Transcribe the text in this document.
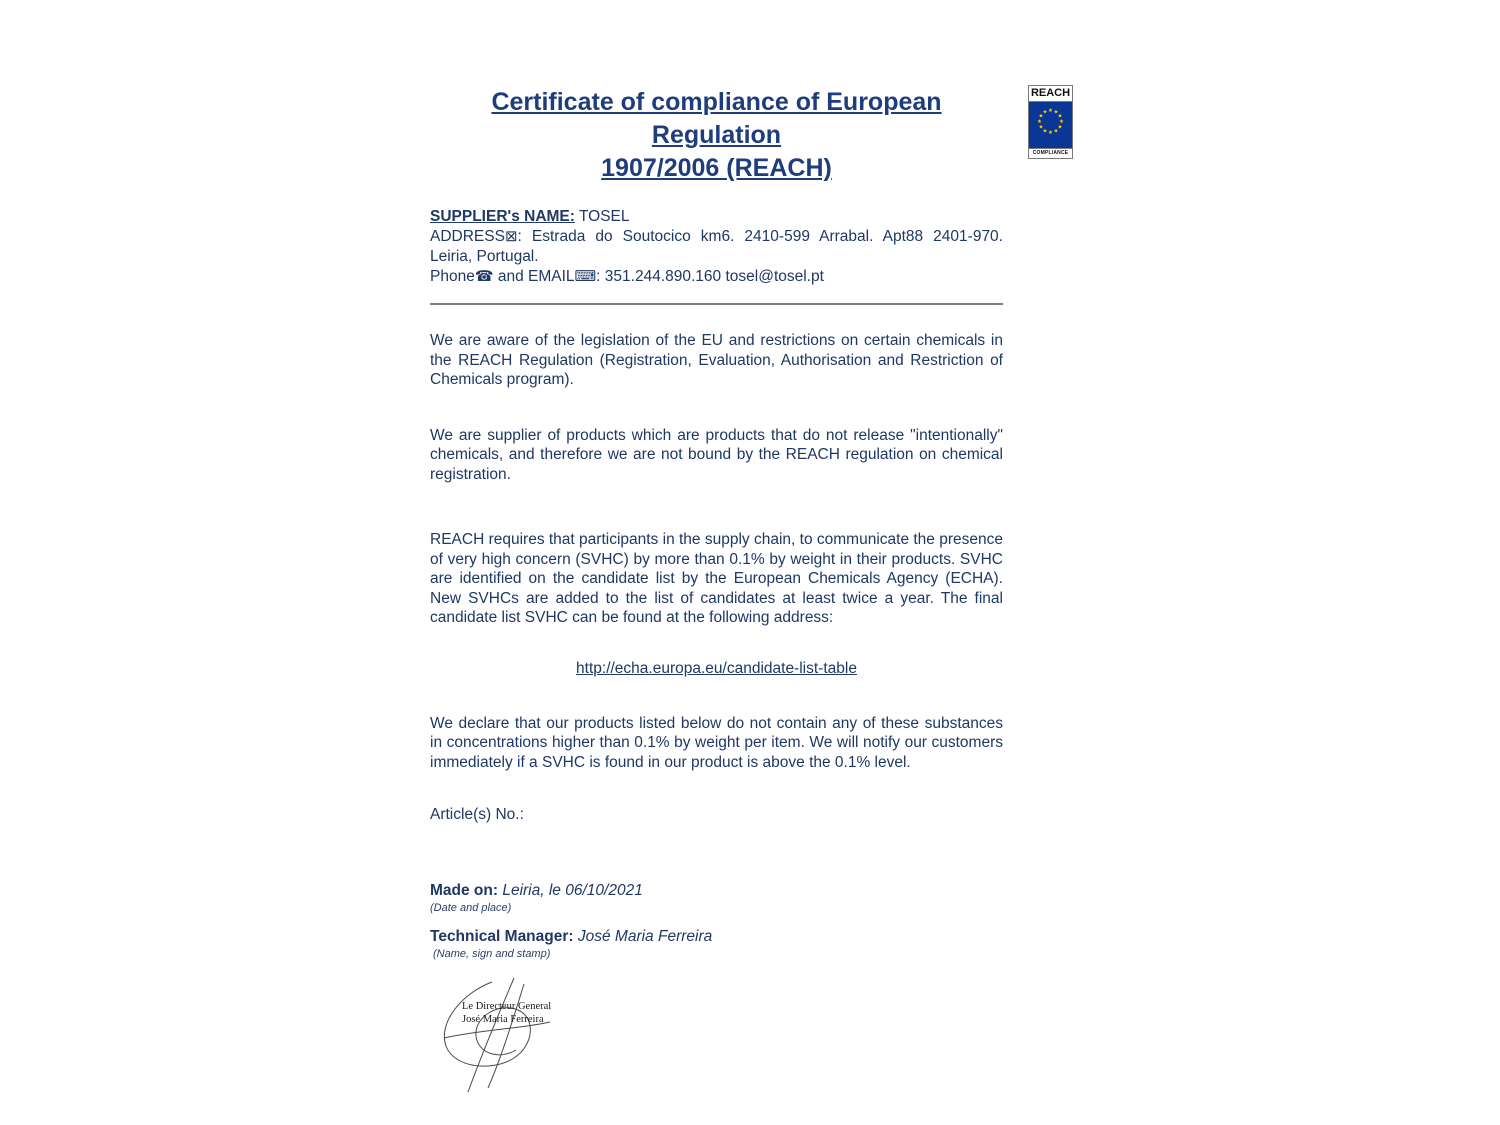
REACH
★ ★
★
★
★
★
★
★
★
★
★
★
COMPLIANCE
Certificate of compliance of European Regulation
1907/2006 (REACH)
SUPPLIER's NAME: TOSEL
ADDRESS⊠: Estrada do Soutocico km6. 2410-599 Arrabal. Apt88 2401-970. Leiria, Portugal.
Phone☎ and EMAIL⌨: 351.244.890.160 tosel@tosel.pt

We are aware of the legislation of the EU and restrictions on certain chemicals in the REACH Regulation (Registration, Evaluation, Authorisation and Restriction of Chemicals program).

We are supplier of products which are products that do not release "intentionally" chemicals, and therefore we are not bound by the REACH regulation on chemical registration.

REACH requires that participants in the supply chain, to communicate the presence of very high concern (SVHC) by more than 0.1% by weight in their products. SVHC are identified on the candidate list by the European Chemicals Agency (ECHA). New SVHCs are added to the list of candidates at least twice a year. The final candidate list SVHC can be found at the following address:

http://echa.europa.eu/candidate-list-table

We declare that our products listed below do not contain any of these substances in concentrations higher than 0.1% by weight per item. We will notify our customers immediately if a SVHC is found in our product is above the 0.1% level.

Article(s) No.:
Made on: Leiria, le 06/10/2021
(Date and place)
Technical Manager: José Maria Ferreira
(Name, sign and stamp)
Le Directeur General
José Maria Ferreira
